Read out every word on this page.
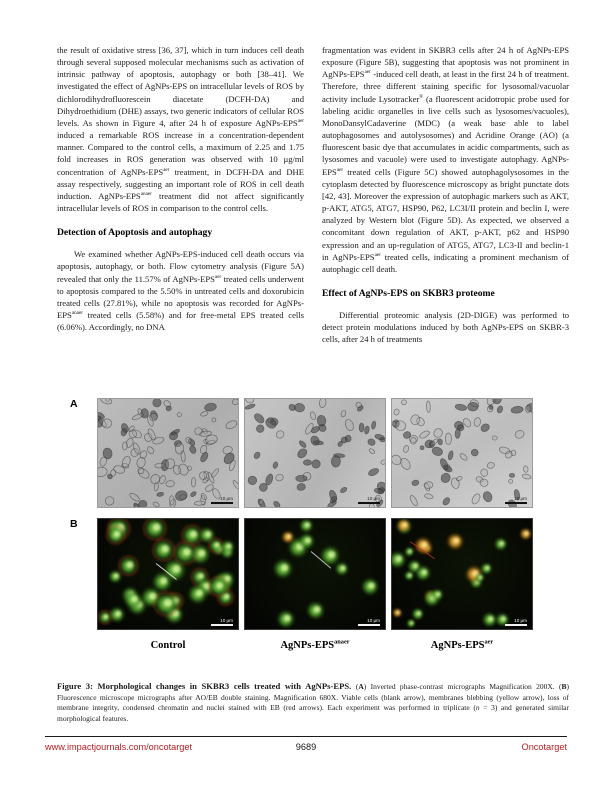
the result of oxidative stress [36, 37], which in turn induces cell death through several supposed molecular mechanisms such as activation of intrinsic pathway of apoptosis, autophagy or both [38–41]. We investigated the effect of AgNPs-EPS on intracellular levels of ROS by dichlorodihydrofluorescein diacetate (DCFH-DA) and Dihydroethidium (DHE) assays, two generic indicators of cellular ROS levels. As shown in Figure 4, after 24 h of exposure AgNPs-$EPS^{aer}$ induced a remarkable ROS increase in a concentration-dependent manner. Compared to the control cells, a maximum of 2.25 and 1.75 fold increases in ROS generation was observed with 10 μg/ml concentration of AgNPs-$EPS^{aer}$ treatment, in DCFH-DA and DHE assay respectively, suggesting an important role of ROS in cell death induction. AgNPs-$EPS^{anaer}$ treatment did not affect significantly intracellular levels of ROS in comparison to the control cells.

Detection of Apoptosis and autophagy

We examined whether AgNPs-EPS-induced cell death occurs via apoptosis, autophagy, or both. Flow cytometry analysis (Figure 5A) revealed that only the 11.57% of AgNPs-$EPS^{aer}$ treated cells underwent to apoptosis compared to the 5.50% in untreated cells and doxorubicin treated cells (27.81%), while no apoptosis was recorded for AgNPs-$EPS^{anaer}$ treated cells (5.58%) and for free-metal EPS treated cells (6.06%). Accordingly, no DNA

fragmentation was evident in SKBR3 cells after 24 h of AgNPs-EPS exposure (Figure 5B), suggesting that apoptosis was not prominent in AgNPs-$EPS^{aer}$ -induced cell death, at least in the first 24 h of treatment. Therefore, three different staining specific for lysosomal/vacuolar activity include Lysotracker® (a fluorescent acidotropic probe used for labeling acidic organelles in live cells such as lysosomes/vacuoles), MonoDansylCadaverine (MDC) (a weak base able to label autophagosomes and autolysosomes) and Acridine Orange (AO) (a fluorescent basic dye that accumulates in acidic compartments, such as lysosomes and vacuole) were used to investigate autophagy. AgNPs-$EPS^{aer}$ treated cells (Figure 5C) showed autophagolysosomes in the cytoplasm detected by fluorescence microscopy as bright punctate dots [42, 43]. Moreover the expression of autophagic markers such as AKT, p-AKT, ATG5, ATG7, HSP90, P62, LC3I/II protein and beclin I, were analyzed by Western blot (Figure 5D). As expected, we observed a concomitant down regulation of AKT, p-AKT, p62 and HSP90 expression and an up-regulation of ATG5, ATG7, LC3-II and beclin-1 in AgNPs-$EPS^{aer}$ treated cells, indicating a prominent mechanism of autophagic cell death.

Effect of AgNPs-EPS on SKBR3 proteome

Differential proteomic analysis (2D-DIGE) was performed to detect protein modulations induced by both AgNPs-EPS on SKBR-3 cells, after 24 h of treatments

A
B
10 μm	10 μm	10 μm
10 μm	10 μm	10 μm
Control	AgNPs-$EPS^{anaer}$	AgNPs-$EPS^{aer}$
Figure 3: Morphological changes in SKBR3 cells treated with AgNPs-EPS. (A) Inverted phase-contrast micrographs Magnification 200X. (B) Fluorescence microscope micrographs after AO/EB double staining. Magnification 680X. Viable cells (blank arrow), membranes blebbing (yellow arrow), loss of membrane integrity, condensed chromatin and nuclei stained with EB (red arrows). Each experiment was performed in triplicate (n = 3) and generated similar morphological features.
www.impactjournals.com/oncotarget	9689	Oncotarget
